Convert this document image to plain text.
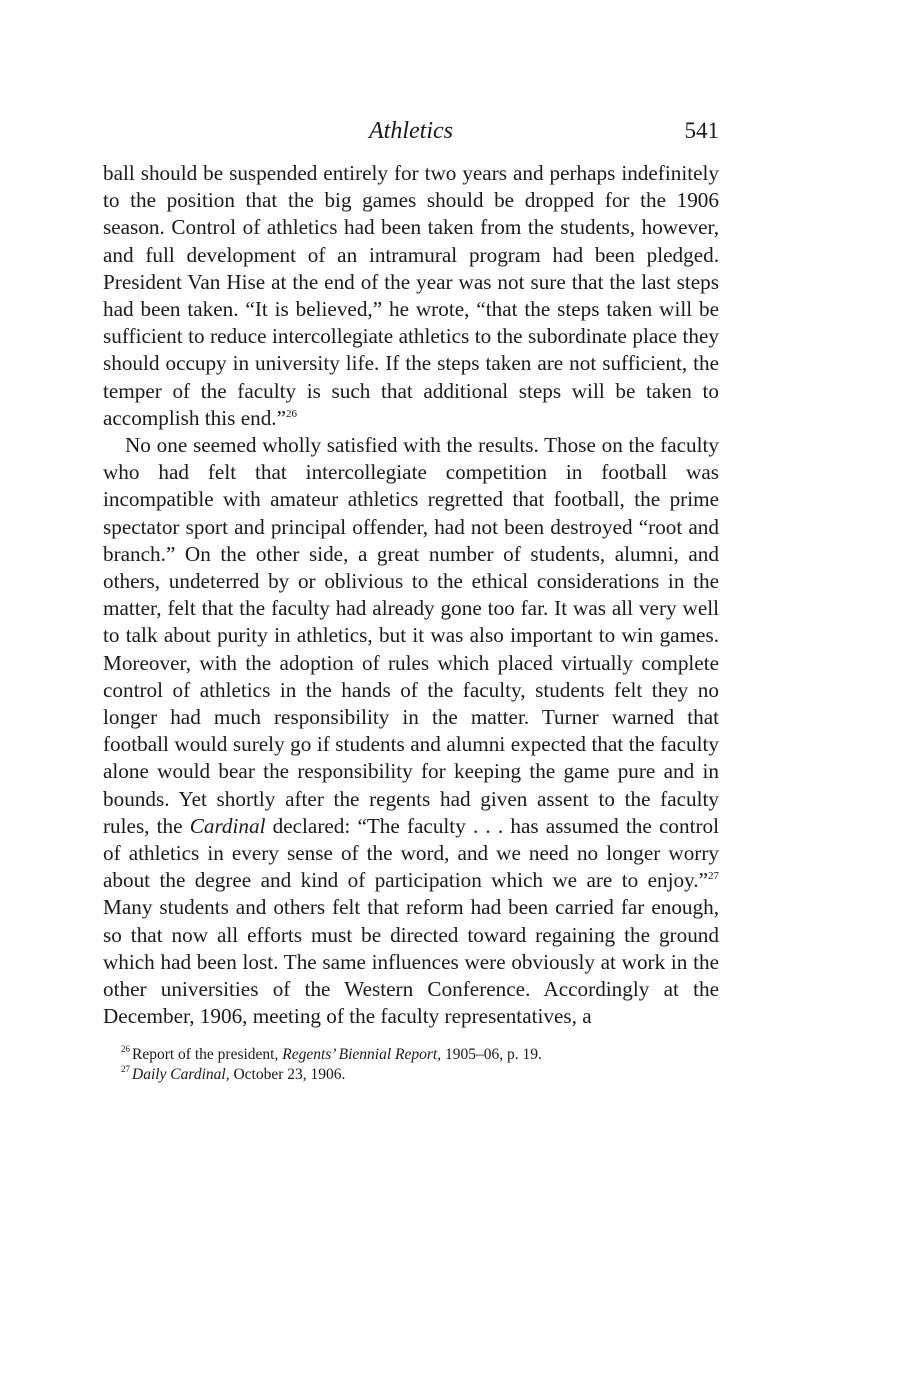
Athletics	541

ball should be suspended entirely for two years and perhaps indefinitely to the position that the big games should be dropped for the 1906 season. Control of athletics had been taken from the students, however, and full development of an intramural program had been pledged. President Van Hise at the end of the year was not sure that the last steps had been taken. “It is believed,” he wrote, “that the steps taken will be sufficient to reduce intercollegiate athletics to the subordinate place they should occupy in university life. If the steps taken are not sufficient, the temper of the faculty is such that additional steps will be taken to accomplish this end.”$^{26}$

No one seemed wholly satisfied with the results. Those on the faculty who had felt that intercollegiate competition in football was incompatible with amateur athletics regretted that football, the prime spectator sport and principal offender, had not been destroyed “root and branch.” On the other side, a great number of students, alumni, and others, undeterred by or oblivious to the ethical considerations in the matter, felt that the faculty had already gone too far. It was all very well to talk about purity in athletics, but it was also important to win games. Moreover, with the adoption of rules which placed virtually complete control of athletics in the hands of the faculty, students felt they no longer had much responsibility in the matter. Turner warned that football would surely go if students and alumni expected that the faculty alone would bear the responsibility for keeping the game pure and in bounds. Yet shortly after the regents had given assent to the faculty rules, the Cardinal declared: “The faculty . . . has assumed the control of athletics in every sense of the word, and we need no longer worry about the degree and kind of participation which we are to enjoy.”$^{27}$ Many students and others felt that reform had been carried far enough, so that now all efforts must be directed toward regaining the ground which had been lost. The same influences were obviously at work in the other universities of the Western Conference. Accordingly at the December, 1906, meeting of the faculty representatives, a

$^{26}$ Report of the president, Regents’ Biennial Report, 1905–06, p. 19.

$^{27}$ Daily Cardinal, October 23, 1906.
